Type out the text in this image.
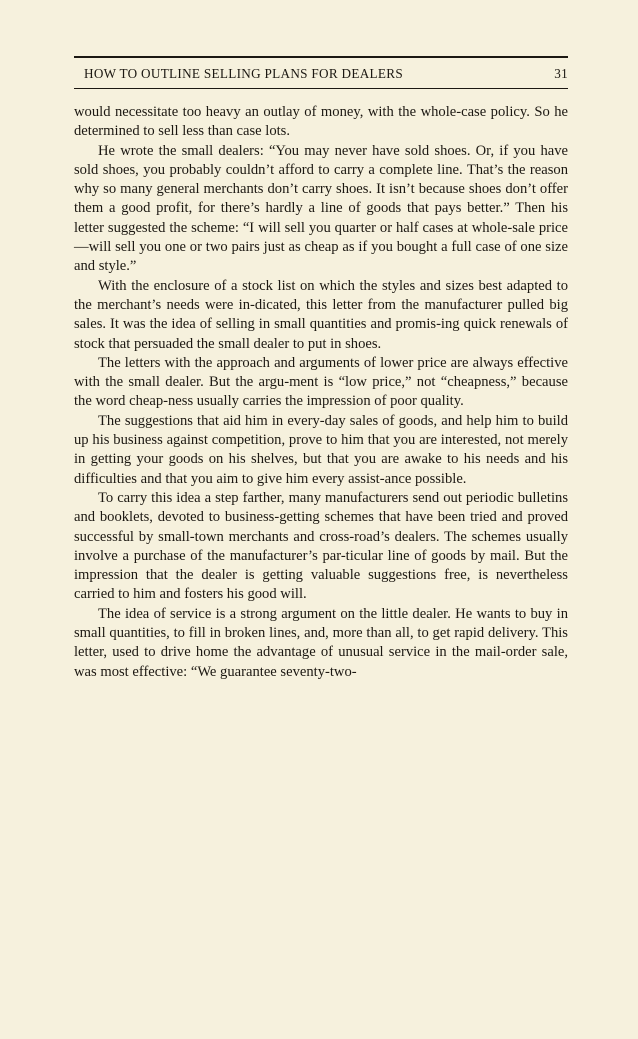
HOW TO OUTLINE SELLING PLANS FOR DEALERS	31

would necessitate too heavy an outlay of money, with the whole-case policy. So he determined to sell less than case lots.

He wrote the small dealers: “You may never have sold shoes. Or, if you have sold shoes, you probably couldn’t afford to carry a complete line. That’s the reason why so many general merchants don’t carry shoes. It isn’t because shoes don’t offer them a good profit, for there’s hardly a line of goods that pays better.” Then his letter suggested the scheme: “I will sell you quarter or half cases at whole-sale price—will sell you one or two pairs just as cheap as if you bought a full case of one size and style.”

With the enclosure of a stock list on which the styles and sizes best adapted to the merchant’s needs were in-dicated, this letter from the manufacturer pulled big sales. It was the idea of selling in small quantities and promis-ing quick renewals of stock that persuaded the small dealer to put in shoes.

The letters with the approach and arguments of lower price are always effective with the small dealer. But the argu-ment is “low price,” not “cheapness,” because the word cheap-ness usually carries the impression of poor quality.

The suggestions that aid him in every-day sales of goods, and help him to build up his business against competition, prove to him that you are interested, not merely in getting your goods on his shelves, but that you are awake to his needs and his difficulties and that you aim to give him every assist-ance possible.

To carry this idea a step farther, many manufacturers send out periodic bulletins and booklets, devoted to business-getting schemes that have been tried and proved successful by small-town merchants and cross-road’s dealers. The schemes usually involve a purchase of the manufacturer’s par-ticular line of goods by mail. But the impression that the dealer is getting valuable suggestions free, is nevertheless carried to him and fosters his good will.

The idea of service is a strong argument on the little dealer. He wants to buy in small quantities, to fill in broken lines, and, more than all, to get rapid delivery. This letter, used to drive home the advantage of unusual service in the mail-order sale, was most effective: “We guarantee seventy-two-
